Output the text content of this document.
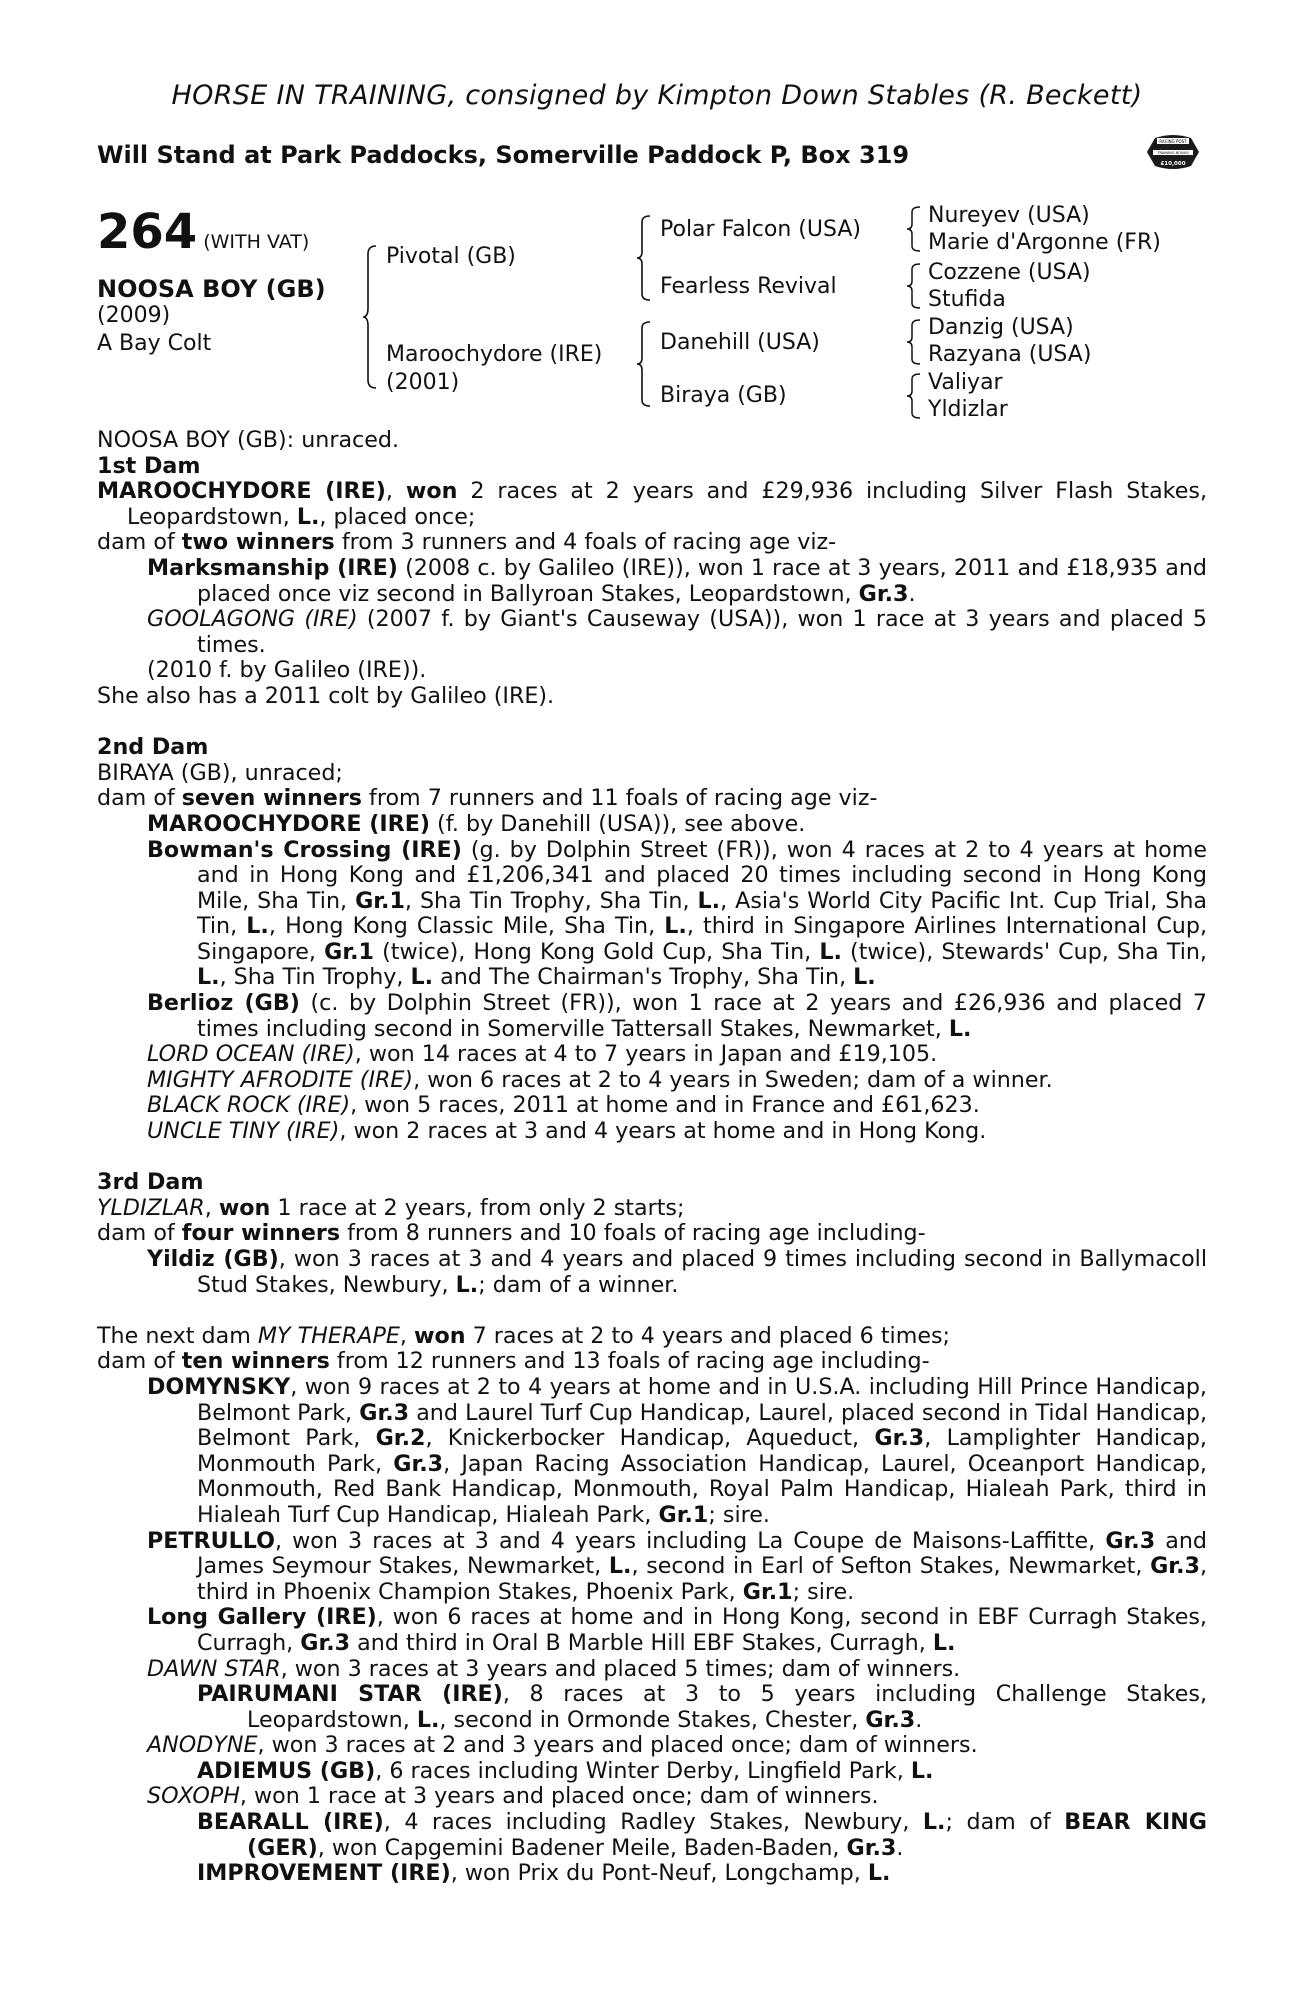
HORSE IN TRAINING, consigned by Kimpton Down Stables (R. Beckett)
Will Stand at Park Paddocks, Somerville Paddock P, Box 319	RACING POST
TRAINING BONUS
£10,000
264 (WITH VAT)
NOOSA BOY (GB)
(2009)
A Bay Colt
Pivotal (GB)
Maroochydore (IRE)
(2001)
Polar Falcon (USA)
Fearless Revival
Danehill (USA)
Biraya (GB)
Nureyev (USA)
Marie d'Argonne (FR)
Cozzene (USA)
Stufida
Danzig (USA)
Razyana (USA)
Valiyar
Yldizlar

NOOSA BOY (GB): unraced.

1st Dam

MAROOCHYDORE (IRE), won 2 races at 2 years and £29,936 including Silver Flash Stakes, Leopardstown, L., placed once;

dam of two winners from 3 runners and 4 foals of racing age viz-

Marksmanship (IRE) (2008 c. by Galileo (IRE)), won 1 race at 3 years, 2011 and £18,935 and placed once viz second in Ballyroan Stakes, Leopardstown, Gr.3.

GOOLAGONG (IRE) (2007 f. by Giant's Causeway (USA)), won 1 race at 3 years and placed 5 times.

(2010 f. by Galileo (IRE)).

She also has a 2011 colt by Galileo (IRE).

2nd Dam

BIRAYA (GB), unraced;

dam of seven winners from 7 runners and 11 foals of racing age viz-

MAROOCHYDORE (IRE) (f. by Danehill (USA)), see above.

Bowman's Crossing (IRE) (g. by Dolphin Street (FR)), won 4 races at 2 to 4 years at home and in Hong Kong and £1,206,341 and placed 20 times including second in Hong Kong Mile, Sha Tin, Gr.1, Sha Tin Trophy, Sha Tin, L., Asia's World City Pacific Int. Cup Trial, Sha Tin, L., Hong Kong Classic Mile, Sha Tin, L., third in Singapore Airlines International Cup, Singapore, Gr.1 (twice), Hong Kong Gold Cup, Sha Tin, L. (twice), Stewards' Cup, Sha Tin, L., Sha Tin Trophy, L. and The Chairman's Trophy, Sha Tin, L.

Berlioz (GB) (c. by Dolphin Street (FR)), won 1 race at 2 years and £26,936 and placed 7 times including second in Somerville Tattersall Stakes, Newmarket, L.

LORD OCEAN (IRE), won 14 races at 4 to 7 years in Japan and £19,105.

MIGHTY AFRODITE (IRE), won 6 races at 2 to 4 years in Sweden; dam of a winner.

BLACK ROCK (IRE), won 5 races, 2011 at home and in France and £61,623.

UNCLE TINY (IRE), won 2 races at 3 and 4 years at home and in Hong Kong.

3rd Dam

YLDIZLAR, won 1 race at 2 years, from only 2 starts;

dam of four winners from 8 runners and 10 foals of racing age including-

Yildiz (GB), won 3 races at 3 and 4 years and placed 9 times including second in Ballymacoll Stud Stakes, Newbury, L.; dam of a winner.

The next dam MY THERAPE, won 7 races at 2 to 4 years and placed 6 times;

dam of ten winners from 12 runners and 13 foals of racing age including-

DOMYNSKY, won 9 races at 2 to 4 years at home and in U.S.A. including Hill Prince Handicap, Belmont Park, Gr.3 and Laurel Turf Cup Handicap, Laurel, placed second in Tidal Handicap, Belmont Park, Gr.2, Knickerbocker Handicap, Aqueduct, Gr.3, Lamplighter Handicap, Monmouth Park, Gr.3, Japan Racing Association Handicap, Laurel, Oceanport Handicap, Monmouth, Red Bank Handicap, Monmouth, Royal Palm Handicap, Hialeah Park, third in Hialeah Turf Cup Handicap, Hialeah Park, Gr.1; sire.

PETRULLO, won 3 races at 3 and 4 years including La Coupe de Maisons-Laffitte, Gr.3 and James Seymour Stakes, Newmarket, L., second in Earl of Sefton Stakes, Newmarket, Gr.3, third in Phoenix Champion Stakes, Phoenix Park, Gr.1; sire.

Long Gallery (IRE), won 6 races at home and in Hong Kong, second in EBF Curragh Stakes, Curragh, Gr.3 and third in Oral B Marble Hill EBF Stakes, Curragh, L.

DAWN STAR, won 3 races at 3 years and placed 5 times; dam of winners.

PAIRUMANI STAR (IRE), 8 races at 3 to 5 years including Challenge Stakes, Leopardstown, L., second in Ormonde Stakes, Chester, Gr.3.

ANODYNE, won 3 races at 2 and 3 years and placed once; dam of winners.

ADIEMUS (GB), 6 races including Winter Derby, Lingfield Park, L.

SOXOPH, won 1 race at 3 years and placed once; dam of winners.

BEARALL (IRE), 4 races including Radley Stakes, Newbury, L.; dam of BEAR KING (GER), won Capgemini Badener Meile, Baden-Baden, Gr.3.

IMPROVEMENT (IRE), won Prix du Pont-Neuf, Longchamp, L.
